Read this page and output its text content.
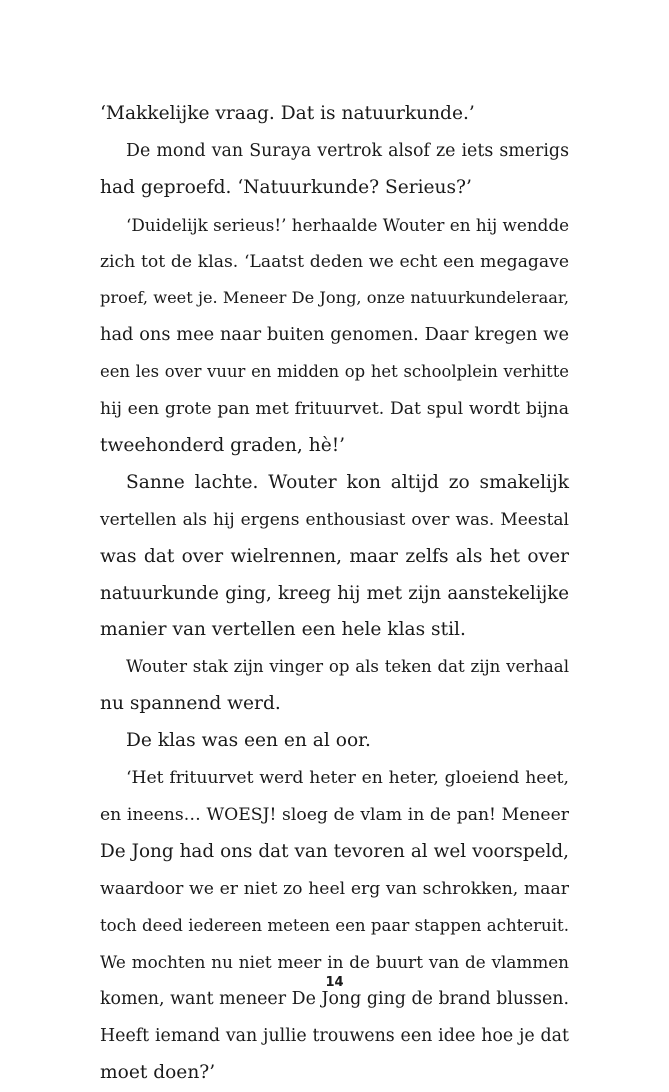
‘Makkelijke vraag. Dat is natuurkunde.’
De mond van Suraya vertrok alsof ze iets smerigs
had geproefd. ‘Natuurkunde? Serieus?’
‘Duidelijk serieus!’ herhaalde Wouter en hij wendde
zich tot de klas. ‘Laatst deden we echt een megagave
proef, weet je. Meneer De Jong, onze natuurkundeleraar,
had ons mee naar buiten genomen. Daar kregen we
een les over vuur en midden op het schoolplein verhitte
hij een grote pan met frituurvet. Dat spul wordt bijna
tweehonderd graden, hè!’
Sanne lachte. Wouter kon altijd zo smakelijk
vertellen als hij ergens enthousiast over was. Meestal
was dat over wielrennen, maar zelfs als het over
natuurkunde ging, kreeg hij met zijn aanstekelijke
manier van vertellen een hele klas stil.
Wouter stak zijn vinger op als teken dat zijn verhaal
nu spannend werd.
De klas was een en al oor.
‘Het frituurvet werd heter en heter, gloeiend heet,
en ineens… WOESJ! sloeg de vlam in de pan! Meneer
De Jong had ons dat van tevoren al wel voorspeld,
waardoor we er niet zo heel erg van schrokken, maar
toch deed iedereen meteen een paar stappen achteruit.
We mochten nu niet meer in de buurt van de vlammen
komen, want meneer De Jong ging de brand blussen.
Heeft iemand van jullie trouwens een idee hoe je dat
moet doen?’
14
